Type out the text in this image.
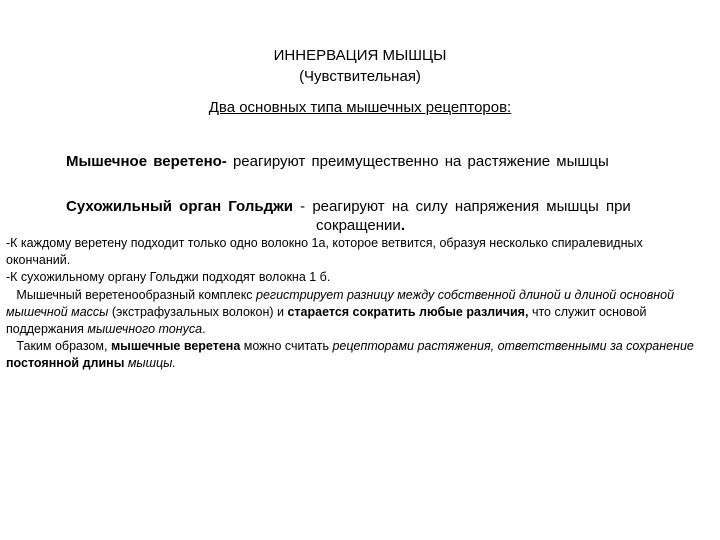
ИННЕРВАЦИЯ МЫШЦЫ
(Чувствительная)
Два основных типа мышечных рецепторов:
Мышечное веретено- реагируют преимущественно на растяжение мышцы
Сухожильный орган Гольджи - реагируют на силу напряжения мышцы при
сокращении.

-К каждому веретену подходит только одно волокно 1а, которое ветвится, образуя несколько спиралевидных окончаний.

-К сухожильному органу Гольджи подходят волокна 1 б.

Мышечный веретенообразный комплекс регистрирует разницу между собственной длиной и длиной основной мышечной массы (экстрафузальных волокон) и старается сократить любые различия, что служит основой поддержания мышечного тонуса.

Таким образом, мышечные веретена можно считать рецепторами растяжения, ответственными за сохранение постоянной длины мышцы.
